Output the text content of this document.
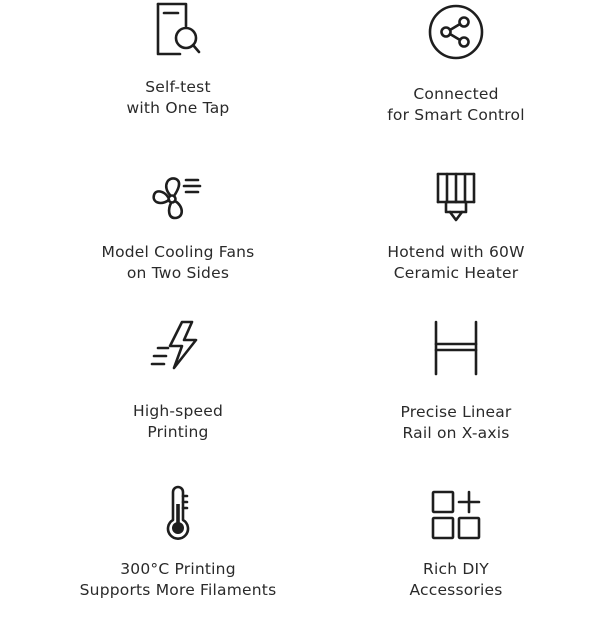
Self-test
with One Tap
Connected
for Smart Control
Model Cooling Fans
on Two Sides
Hotend with 60W
Ceramic Heater
High-speed
Printing
Precise Linear
Rail on X-axis
300°C Printing
Supports More Filaments
Rich DIY
Accessories
